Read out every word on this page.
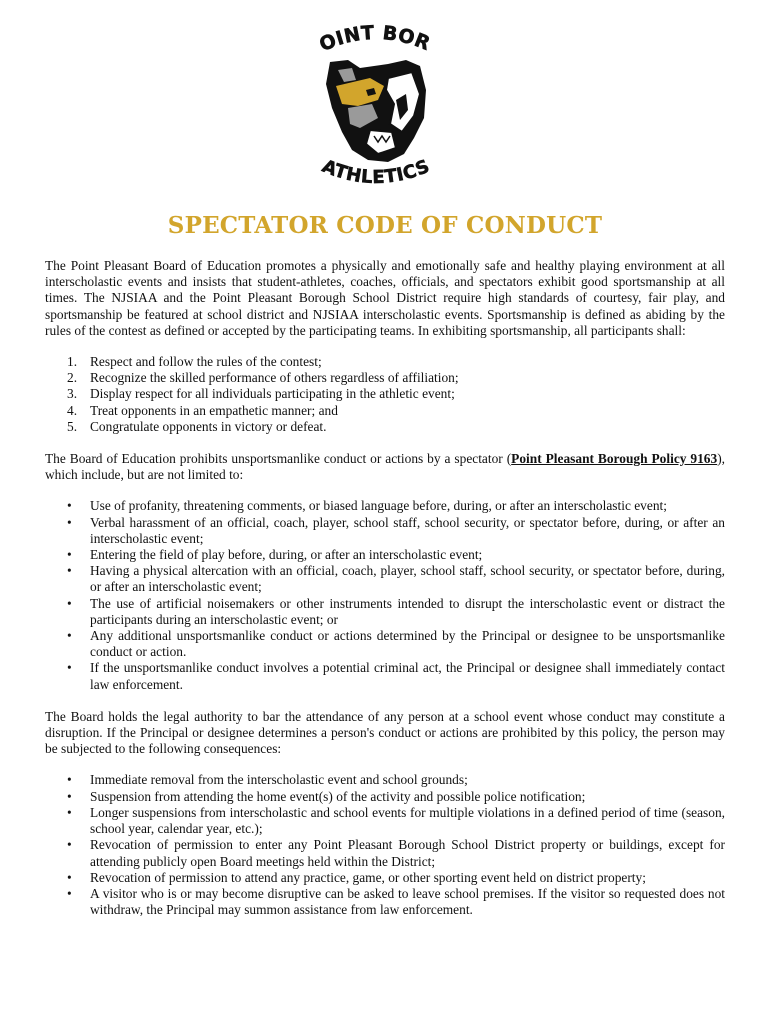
OINT BOR
ATHLETICS
SPECTATOR CODE OF CONDUCT

The Point Pleasant Board of Education promotes a physically and emotionally safe and healthy playing environment at all interscholastic events and insists that student-athletes, coaches, officials, and spectators exhibit good sportsmanship at all times. The NJSIAA and the Point Pleasant Borough School District require high standards of courtesy, fair play, and sportsmanship be featured at school district and NJSIAA interscholastic events. Sportsmanship is defined as abiding by the rules of the contest as defined or accepted by the participating teams. In exhibiting sportsmanship, all participants shall:

1. Respect and follow the rules of the contest;
2. Recognize the skilled performance of others regardless of affiliation;
3. Display respect for all individuals participating in the athletic event;
4. Treat opponents in an empathetic manner; and
5. Congratulate opponents in victory or defeat.

The Board of Education prohibits unsportsmanlike conduct or actions by a spectator (Point Pleasant Borough Policy 9163), which include, but are not limited to:

• Use of profanity, threatening comments, or biased language before, during, or after an interscholastic event;
• Verbal harassment of an official, coach, player, school staff, school security, or spectator before, during, or after an interscholastic event;
• Entering the field of play before, during, or after an interscholastic event;
• Having a physical altercation with an official, coach, player, school staff, school security, or spectator before, during, or after an interscholastic event;
• The use of artificial noisemakers or other instruments intended to disrupt the interscholastic event or distract the participants during an interscholastic event; or
• Any additional unsportsmanlike conduct or actions determined by the Principal or designee to be unsportsmanlike conduct or action.
• If the unsportsmanlike conduct involves a potential criminal act, the Principal or designee shall immediately contact law enforcement.

The Board holds the legal authority to bar the attendance of any person at a school event whose conduct may constitute a disruption. If the Principal or designee determines a person's conduct or actions are prohibited by this policy, the person may be subjected to the following consequences:

• Immediate removal from the interscholastic event and school grounds;
• Suspension from attending the home event(s) of the activity and possible police notification;
• Longer suspensions from interscholastic and school events for multiple violations in a defined period of time (season, school year, calendar year, etc.);
• Revocation of permission to enter any Point Pleasant Borough School District property or buildings, except for attending publicly open Board meetings held within the District;
• Revocation of permission to attend any practice, game, or other sporting event held on district property;
• A visitor who is or may become disruptive can be asked to leave school premises. If the visitor so requested does not withdraw, the Principal may summon assistance from law enforcement.
